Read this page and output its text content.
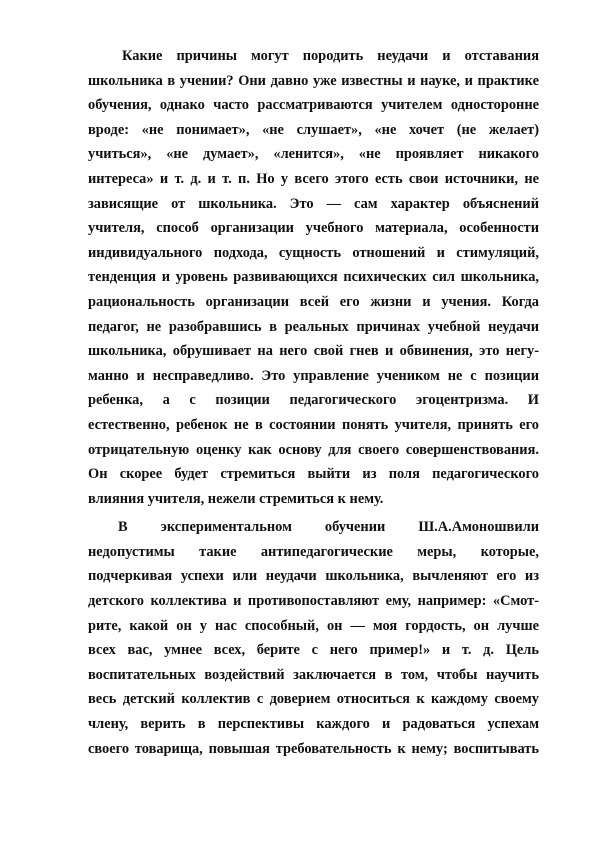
Какие причины могут породить неудачи и отставания
школьника в учении? Они давно уже известны и науке, и практике
обучения, однако часто рассматриваются учителем односторонне
вроде: «не понимает», «не слушает», «не хочет (не желает)
учиться», «не думает», «ленится», «не проявляет никакого
интереса» и т. д. и т. п. Но у всего этого есть свои источники, не
зависящие от школьника. Это — сам характер объяснений
учителя, способ организации учебного материала, особенности
индивидуального подхода, сущность отношений и стимуляций,
тенденция и уровень развивающихся психических сил школьника,
рациональность организации всей его жизни и учения. Когда
педагог, не разобравшись в реальных причинах учебной неудачи
школьника, обрушивает на него свой гнев и обвинения, это негу-
манно и несправедливо. Это управление учеником не с позиции
ребенка, а с позиции педагогического эгоцентризма. И
естественно, ребенок не в состоянии понять учителя, принять его
отрицательную оценку как основу для своего совершенствования.
Он скорее будет стремиться выйти из поля педагогического
влияния учителя, нежели стремиться к нему.
В экспериментальном обучении Ш.А.Амоношвили
недопустимы такие антипедагогические меры, которые,
подчеркивая успехи или неудачи школьника, вычленяют его из
детского коллектива и противопоставляют ему, например: «Смот-
рите, какой он у нас способный, он — моя гордость, он лучше
всех вас, умнее всех, берите с него пример!» и т. д. Цель
воспитательных воздействий заключается в том, чтобы научить
весь детский коллектив с доверием относиться к каждому своему
члену, верить в перспективы каждого и радоваться успехам
своего товарища, повышая требовательность к нему; воспитывать
